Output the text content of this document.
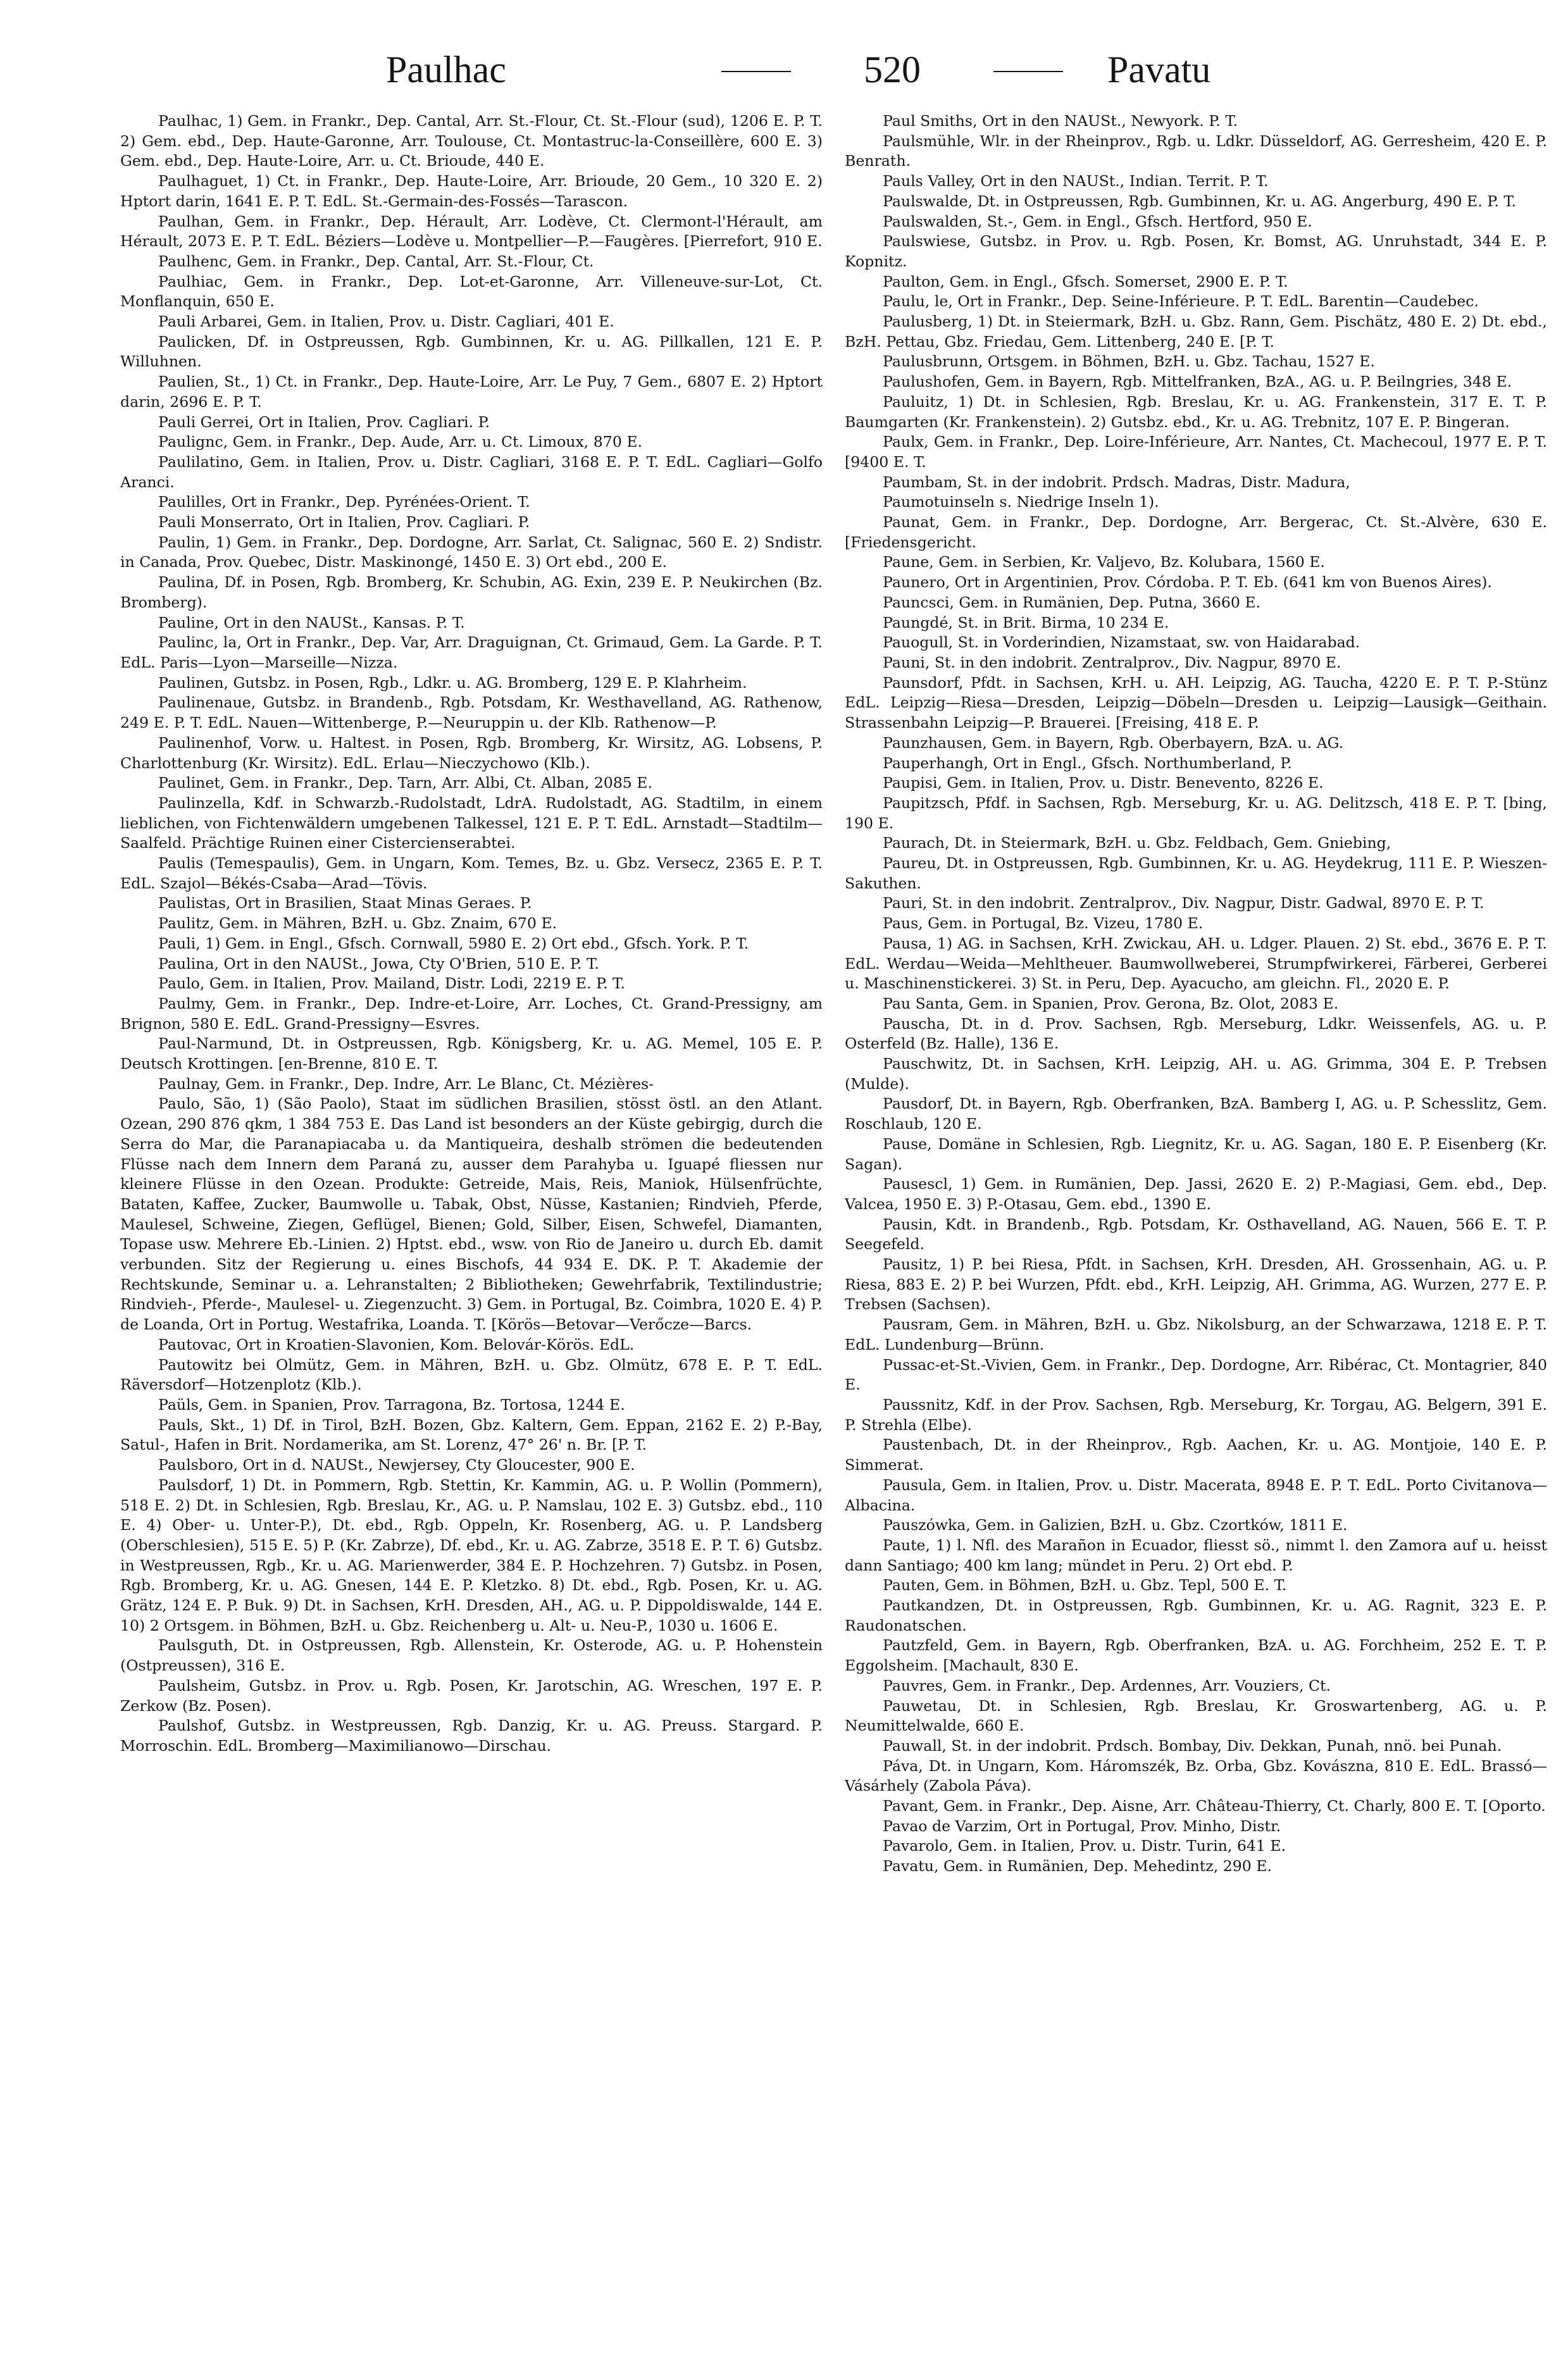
Paulhac	520	Pavatu

Paulhac, 1) Gem. in Frankr., Dep. Cantal, Arr. St.-Flour, Ct. St.-Flour (sud), 1206 E. P. T. 2) Gem. ebd., Dep. Haute-Garonne, Arr. Toulouse, Ct. Montastruc-la-Conseillère, 600 E. 3) Gem. ebd., Dep. Haute-Loire, Arr. u. Ct. Brioude, 440 E.

Paulhaguet, 1) Ct. in Frankr., Dep. Haute-Loire, Arr. Brioude, 20 Gem., 10 320 E. 2) Hptort darin, 1641 E. P. T. EdL. St.-Germain-des-Fossés—Tarascon.

Paulhan, Gem. in Frankr., Dep. Hérault, Arr. Lodève, Ct. Clermont-l'Hérault, am Hérault, 2073 E. P. T. EdL. Béziers—Lodève u. Montpellier—P.—Faugères. [Pierrefort, 910 E.

Paulhenc, Gem. in Frankr., Dep. Cantal, Arr. St.-Flour, Ct.

Paulhiac, Gem. in Frankr., Dep. Lot-et-Garonne, Arr. Villeneuve-sur-Lot, Ct. Monflanquin, 650 E.

Pauli Arbarei, Gem. in Italien, Prov. u. Distr. Cagliari, 401 E.

Paulicken, Df. in Ostpreussen, Rgb. Gumbinnen, Kr. u. AG. Pillkallen, 121 E. P. Willuhnen.

Paulien, St., 1) Ct. in Frankr., Dep. Haute-Loire, Arr. Le Puy, 7 Gem., 6807 E. 2) Hptort darin, 2696 E. P. T.

Pauli Gerrei, Ort in Italien, Prov. Cagliari. P.

Paulignc, Gem. in Frankr., Dep. Aude, Arr. u. Ct. Limoux, 870 E.

Paulilatino, Gem. in Italien, Prov. u. Distr. Cagliari, 3168 E. P. T. EdL. Cagliari—Golfo Aranci.

Paulilles, Ort in Frankr., Dep. Pyrénées-Orient. T.

Pauli Monserrato, Ort in Italien, Prov. Cagliari. P.

Paulin, 1) Gem. in Frankr., Dep. Dordogne, Arr. Sarlat, Ct. Salignac, 560 E. 2) Sndistr. in Canada, Prov. Quebec, Distr. Maskinongé, 1450 E. 3) Ort ebd., 200 E.

Paulina, Df. in Posen, Rgb. Bromberg, Kr. Schubin, AG. Exin, 239 E. P. Neukirchen (Bz. Bromberg).

Pauline, Ort in den NAUSt., Kansas. P. T.

Paulinc, la, Ort in Frankr., Dep. Var, Arr. Draguignan, Ct. Grimaud, Gem. La Garde. P. T. EdL. Paris—Lyon—Marseille—Nizza.

Paulinen, Gutsbz. in Posen, Rgb., Ldkr. u. AG. Bromberg, 129 E. P. Klahrheim.

Paulinenaue, Gutsbz. in Brandenb., Rgb. Potsdam, Kr. Westhavelland, AG. Rathenow, 249 E. P. T. EdL. Nauen—Wittenberge, P.—Neuruppin u. der Klb. Rathenow—P.

Paulinenhof, Vorw. u. Haltest. in Posen, Rgb. Bromberg, Kr. Wirsitz, AG. Lobsens, P. Charlottenburg (Kr. Wirsitz). EdL. Erlau—Nieczychowo (Klb.).

Paulinet, Gem. in Frankr., Dep. Tarn, Arr. Albi, Ct. Alban, 2085 E.

Paulinzella, Kdf. in Schwarzb.-Rudolstadt, LdrA. Rudolstadt, AG. Stadtilm, in einem lieblichen, von Fichtenwäldern umgebenen Talkessel, 121 E. P. T. EdL. Arnstadt—Stadtilm—Saalfeld. Prächtige Ruinen einer Cistercienserabtei.

Paulis (Temespaulis), Gem. in Ungarn, Kom. Temes, Bz. u. Gbz. Versecz, 2365 E. P. T. EdL. Szajol—Békés-Csaba—Arad—Tövis.

Paulistas, Ort in Brasilien, Staat Minas Geraes. P.

Paulitz, Gem. in Mähren, BzH. u. Gbz. Znaim, 670 E.

Pauli, 1) Gem. in Engl., Gfsch. Cornwall, 5980 E. 2) Ort ebd., Gfsch. York. P. T.

Paulina, Ort in den NAUSt., Jowa, Cty O'Brien, 510 E. P. T.

Paulo, Gem. in Italien, Prov. Mailand, Distr. Lodi, 2219 E. P. T.

Paulmy, Gem. in Frankr., Dep. Indre-et-Loire, Arr. Loches, Ct. Grand-Pressigny, am Brignon, 580 E. EdL. Grand-Pressigny—Esvres.

Paul-Narmund, Dt. in Ostpreussen, Rgb. Königsberg, Kr. u. AG. Memel, 105 E. P. Deutsch Krottingen. [en-Brenne, 810 E. T.

Paulnay, Gem. in Frankr., Dep. Indre, Arr. Le Blanc, Ct. Mézières-

Paulo, São, 1) (São Paolo), Staat im südlichen Brasilien, stösst östl. an den Atlant. Ozean, 290 876 qkm, 1 384 753 E. Das Land ist besonders an der Küste gebirgig, durch die Serra do Mar, die Paranapiacaba u. da Mantiqueira, deshalb strömen die bedeutenden Flüsse nach dem Innern dem Paraná zu, ausser dem Parahyba u. Iguapé fliessen nur kleinere Flüsse in den Ozean. Produkte: Getreide, Mais, Reis, Maniok, Hülsenfrüchte, Bataten, Kaffee, Zucker, Baumwolle u. Tabak, Obst, Nüsse, Kastanien; Rindvieh, Pferde, Maulesel, Schweine, Ziegen, Geflügel, Bienen; Gold, Silber, Eisen, Schwefel, Diamanten, Topase usw. Mehrere Eb.-Linien. 2) Hptst. ebd., wsw. von Rio de Janeiro u. durch Eb. damit verbunden. Sitz der Regierung u. eines Bischofs, 44 934 E. DK. P. T. Akademie der Rechtskunde, Seminar u. a. Lehranstalten; 2 Bibliotheken; Gewehrfabrik, Textilindustrie; Rindvieh-, Pferde-, Maulesel- u. Ziegenzucht. 3) Gem. in Portugal, Bz. Coimbra, 1020 E. 4) P. de Loanda, Ort in Portug. Westafrika, Loanda. T. [Körös—Betovar—Verőcze—Barcs.

Pautovac, Ort in Kroatien-Slavonien, Kom. Belovár-Körös. EdL.

Pautowitz bei Olmütz, Gem. in Mähren, BzH. u. Gbz. Olmütz, 678 E. P. T. EdL. Räversdorf—Hotzenplotz (Klb.).

Paüls, Gem. in Spanien, Prov. Tarragona, Bz. Tortosa, 1244 E.

Pauls, Skt., 1) Df. in Tirol, BzH. Bozen, Gbz. Kaltern, Gem. Eppan, 2162 E. 2) P.-Bay, Satul-, Hafen in Brit. Nordamerika, am St. Lorenz, 47° 26' n. Br. [P. T.

Paulsboro, Ort in d. NAUSt., Newjersey, Cty Gloucester, 900 E.

Paulsdorf, 1) Dt. in Pommern, Rgb. Stettin, Kr. Kammin, AG. u. P. Wollin (Pommern), 518 E. 2) Dt. in Schlesien, Rgb. Breslau, Kr., AG. u. P. Namslau, 102 E. 3) Gutsbz. ebd., 110 E. 4) Ober- u. Unter-P.), Dt. ebd., Rgb. Oppeln, Kr. Rosenberg, AG. u. P. Landsberg (Oberschlesien), 515 E. 5) P. (Kr. Zabrze), Df. ebd., Kr. u. AG. Zabrze, 3518 E. P. T. 6) Gutsbz. in Westpreussen, Rgb., Kr. u. AG. Marienwerder, 384 E. P. Hochzehren. 7) Gutsbz. in Posen, Rgb. Bromberg, Kr. u. AG. Gnesen, 144 E. P. Kletzko. 8) Dt. ebd., Rgb. Posen, Kr. u. AG. Grätz, 124 E. P. Buk. 9) Dt. in Sachsen, KrH. Dresden, AH., AG. u. P. Dippoldiswalde, 144 E. 10) 2 Ortsgem. in Böhmen, BzH. u. Gbz. Reichenberg u. Alt- u. Neu-P., 1030 u. 1606 E.

Paulsguth, Dt. in Ostpreussen, Rgb. Allenstein, Kr. Osterode, AG. u. P. Hohenstein (Ostpreussen), 316 E.

Paulsheim, Gutsbz. in Prov. u. Rgb. Posen, Kr. Jarotschin, AG. Wreschen, 197 E. P. Zerkow (Bz. Posen).

Paulshof, Gutsbz. in Westpreussen, Rgb. Danzig, Kr. u. AG. Preuss. Stargard. P. Morroschin. EdL. Bromberg—Maximilianowo—Dirschau.

Paul Smiths, Ort in den NAUSt., Newyork. P. T.

Paulsmühle, Wlr. in der Rheinprov., Rgb. u. Ldkr. Düsseldorf, AG. Gerresheim, 420 E. P. Benrath.

Pauls Valley, Ort in den NAUSt., Indian. Territ. P. T.

Paulswalde, Dt. in Ostpreussen, Rgb. Gumbinnen, Kr. u. AG. Angerburg, 490 E. P. T.

Paulswalden, St.-, Gem. in Engl., Gfsch. Hertford, 950 E.

Paulswiese, Gutsbz. in Prov. u. Rgb. Posen, Kr. Bomst, AG. Unruhstadt, 344 E. P. Kopnitz.

Paulton, Gem. in Engl., Gfsch. Somerset, 2900 E. P. T.

Paulu, le, Ort in Frankr., Dep. Seine-Inférieure. P. T. EdL. Barentin—Caudebec.

Paulusberg, 1) Dt. in Steiermark, BzH. u. Gbz. Rann, Gem. Pischätz, 480 E. 2) Dt. ebd., BzH. Pettau, Gbz. Friedau, Gem. Littenberg, 240 E. [P. T.

Paulusbrunn, Ortsgem. in Böhmen, BzH. u. Gbz. Tachau, 1527 E.

Paulushofen, Gem. in Bayern, Rgb. Mittelfranken, BzA., AG. u. P. Beilngries, 348 E.

Pauluitz, 1) Dt. in Schlesien, Rgb. Breslau, Kr. u. AG. Frankenstein, 317 E. T. P. Baumgarten (Kr. Frankenstein). 2) Gutsbz. ebd., Kr. u. AG. Trebnitz, 107 E. P. Bingeran.

Paulx, Gem. in Frankr., Dep. Loire-Inférieure, Arr. Nantes, Ct. Machecoul, 1977 E. P. T. [9400 E. T.

Paumbam, St. in der indobrit. Prdsch. Madras, Distr. Madura,

Paumotuinseln s. Niedrige Inseln 1).

Paunat, Gem. in Frankr., Dep. Dordogne, Arr. Bergerac, Ct. St.-Alvère, 630 E. [Friedensgericht.

Paune, Gem. in Serbien, Kr. Valjevo, Bz. Kolubara, 1560 E.

Paunero, Ort in Argentinien, Prov. Córdoba. P. T. Eb. (641 km von Buenos Aires).

Pauncsci, Gem. in Rumänien, Dep. Putna, 3660 E.

Paungdé, St. in Brit. Birma, 10 234 E.

Pauogull, St. in Vorderindien, Nizamstaat, sw. von Haidarabad.

Pauni, St. in den indobrit. Zentralprov., Div. Nagpur, 8970 E.

Paunsdorf, Pfdt. in Sachsen, KrH. u. AH. Leipzig, AG. Taucha, 4220 E. P. T. P.-Stünz EdL. Leipzig—Riesa—Dresden, Leipzig—Döbeln—Dresden u. Leipzig—Lausigk—Geithain. Strassenbahn Leipzig—P. Brauerei. [Freising, 418 E. P.

Paunzhausen, Gem. in Bayern, Rgb. Oberbayern, BzA. u. AG.

Pauperhangh, Ort in Engl., Gfsch. Northumberland, P.

Paupisi, Gem. in Italien, Prov. u. Distr. Benevento, 8226 E.

Paupitzsch, Pfdf. in Sachsen, Rgb. Merseburg, Kr. u. AG. Delitzsch, 418 E. P. T. [bing, 190 E.

Paurach, Dt. in Steiermark, BzH. u. Gbz. Feldbach, Gem. Gniebing,

Paureu, Dt. in Ostpreussen, Rgb. Gumbinnen, Kr. u. AG. Heydekrug, 111 E. P. Wieszen-Sakuthen.

Pauri, St. in den indobrit. Zentralprov., Div. Nagpur, Distr. Gadwal, 8970 E. P. T.

Paus, Gem. in Portugal, Bz. Vizeu, 1780 E.

Pausa, 1) AG. in Sachsen, KrH. Zwickau, AH. u. Ldger. Plauen. 2) St. ebd., 3676 E. P. T. EdL. Werdau—Weida—Mehltheuer. Baumwollweberei, Strumpfwirkerei, Färberei, Gerberei u. Maschinenstickerei. 3) St. in Peru, Dep. Ayacucho, am gleichn. Fl., 2020 E. P.

Pau Santa, Gem. in Spanien, Prov. Gerona, Bz. Olot, 2083 E.

Pauscha, Dt. in d. Prov. Sachsen, Rgb. Merseburg, Ldkr. Weissenfels, AG. u. P. Osterfeld (Bz. Halle), 136 E.

Pauschwitz, Dt. in Sachsen, KrH. Leipzig, AH. u. AG. Grimma, 304 E. P. Trebsen (Mulde).

Pausdorf, Dt. in Bayern, Rgb. Oberfranken, BzA. Bamberg I, AG. u. P. Schesslitz, Gem. Roschlaub, 120 E.

Pause, Domäne in Schlesien, Rgb. Liegnitz, Kr. u. AG. Sagan, 180 E. P. Eisenberg (Kr. Sagan).

Pausescl, 1) Gem. in Rumänien, Dep. Jassi, 2620 E. 2) P.-Magiasi, Gem. ebd., Dep. Valcea, 1950 E. 3) P.-Otasau, Gem. ebd., 1390 E.

Pausin, Kdt. in Brandenb., Rgb. Potsdam, Kr. Osthavelland, AG. Nauen, 566 E. T. P. Seegefeld.

Pausitz, 1) P. bei Riesa, Pfdt. in Sachsen, KrH. Dresden, AH. Grossenhain, AG. u. P. Riesa, 883 E. 2) P. bei Wurzen, Pfdt. ebd., KrH. Leipzig, AH. Grimma, AG. Wurzen, 277 E. P. Trebsen (Sachsen).

Pausram, Gem. in Mähren, BzH. u. Gbz. Nikolsburg, an der Schwarzawa, 1218 E. P. T. EdL. Lundenburg—Brünn.

Pussac-et-St.-Vivien, Gem. in Frankr., Dep. Dordogne, Arr. Ribérac, Ct. Montagrier, 840 E.

Paussnitz, Kdf. in der Prov. Sachsen, Rgb. Merseburg, Kr. Torgau, AG. Belgern, 391 E. P. Strehla (Elbe).

Paustenbach, Dt. in der Rheinprov., Rgb. Aachen, Kr. u. AG. Montjoie, 140 E. P. Simmerat.

Pausula, Gem. in Italien, Prov. u. Distr. Macerata, 8948 E. P. T. EdL. Porto Civitanova—Albacina.

Pauszówka, Gem. in Galizien, BzH. u. Gbz. Czortków, 1811 E.

Paute, 1) l. Nfl. des Marañon in Ecuador, fliesst sö., nimmt l. den Zamora auf u. heisst dann Santiago; 400 km lang; mündet in Peru. 2) Ort ebd. P.

Pauten, Gem. in Böhmen, BzH. u. Gbz. Tepl, 500 E. T.

Pautkandzen, Dt. in Ostpreussen, Rgb. Gumbinnen, Kr. u. AG. Ragnit, 323 E. P. Raudonatschen.

Pautzfeld, Gem. in Bayern, Rgb. Oberfranken, BzA. u. AG. Forchheim, 252 E. T. P. Eggolsheim. [Machault, 830 E.

Pauvres, Gem. in Frankr., Dep. Ardennes, Arr. Vouziers, Ct.

Pauwetau, Dt. in Schlesien, Rgb. Breslau, Kr. Groswartenberg, AG. u. P. Neumittelwalde, 660 E.

Pauwall, St. in der indobrit. Prdsch. Bombay, Div. Dekkan, Punah, nnö. bei Punah.

Páva, Dt. in Ungarn, Kom. Háromszék, Bz. Orba, Gbz. Kovászna, 810 E. EdL. Brassó—Vásárhely (Zabola Páva).

Pavant, Gem. in Frankr., Dep. Aisne, Arr. Château-Thierry, Ct. Charly, 800 E. T. [Oporto.

Pavao de Varzim, Ort in Portugal, Prov. Minho, Distr.

Pavarolo, Gem. in Italien, Prov. u. Distr. Turin, 641 E.

Pavatu, Gem. in Rumänien, Dep. Mehedintz, 290 E.
